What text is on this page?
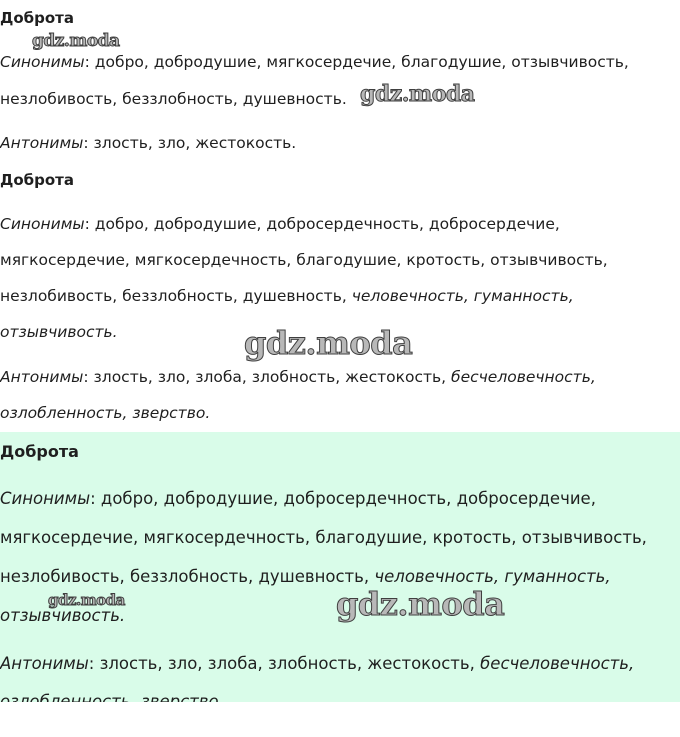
Доброта
Синонимы: добро, добродушие, мягкосердечие, благодушие, отзывчивость,
незлобивость, беззлобность, душевность.
Антонимы: злость, зло, жестокость.
Доброта
Синонимы: добро, добродушие, добросердечность, добросердечие,
мягкосердечие, мягкосердечность, благодушие, кротость, отзывчивость,
незлобивость, беззлобность, душевность, человечность, гуманность,
отзывчивость.
Антонимы: злость, зло, злоба, злобность, жестокость, бесчеловечность,
озлобленность, зверство.
Доброта
Синонимы: добро, добродушие, добросердечность, добросердечие,
мягкосердечие, мягкосердечность, благодушие, кротость, отзывчивость,
незлобивость, беззлобность, душевность, человечность, гуманность,
отзывчивость.
Антонимы: злость, зло, злоба, злобность, жестокость, бесчеловечность,
gdz.moda
gdz.moda
gdz.moda
gdz.moda	gdz.moda
